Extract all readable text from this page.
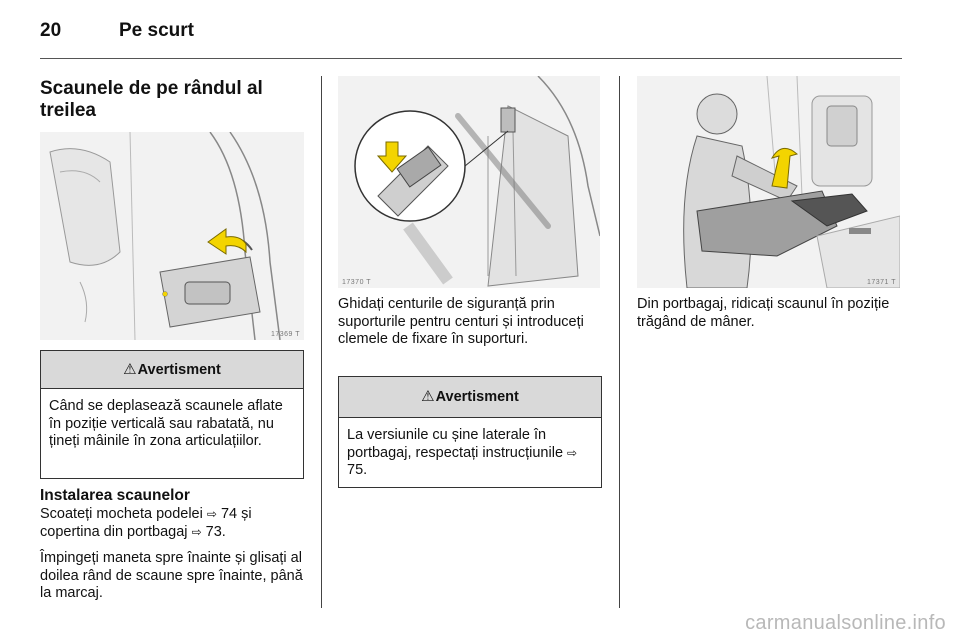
20	Pe scurt
Scaunele de pe rândul al treilea
17369 T
⚠Avertisment
Când se deplasează scaunele aflate în poziție verticală sau rabatată, nu țineți mâinile în zona articulațiilor.
Instalarea scaunelor
Scoateți mocheta podelei ⇨ 74 și copertina din portbagaj ⇨ 73.
Împingeți maneta spre înainte și glisați al doilea rând de scaune spre înainte, până la marcaj.
17370 T
Ghidați centurile de siguranță prin suporturile pentru centuri și introduceți clemele de fixare în suporturi.
⚠Avertisment
La versiunile cu șine laterale în portbagaj, respectați instrucțiunile ⇨ 75.
17371 T
Din portbagaj, ridicați scaunul în poziție trăgând de mâner.
carmanualsonline.info
